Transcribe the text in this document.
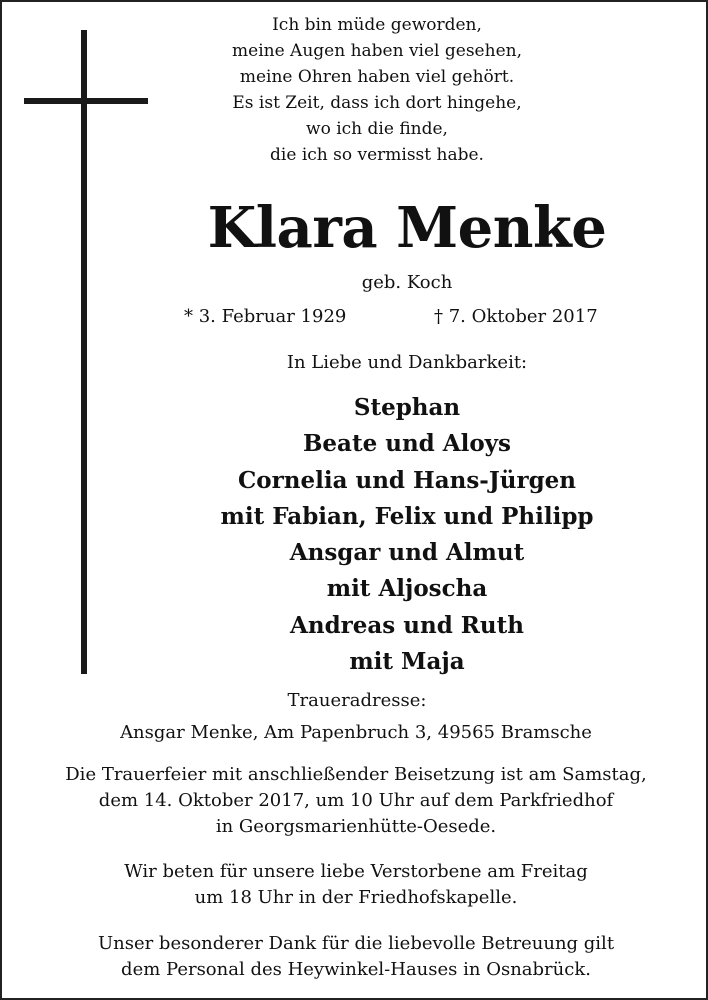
Ich bin müde geworden,
meine Augen haben viel gesehen,
meine Ohren haben viel gehört.
Es ist Zeit, dass ich dort hingehe,
wo ich die finde,
die ich so vermisst habe.
Klara Menke
geb. Koch
* 3. Februar 1929	† 7. Oktober 2017
In Liebe und Dankbarkeit:
Stephan
Beate und Aloys
Cornelia und Hans-Jürgen
mit Fabian, Felix und Philipp
Ansgar und Almut
mit Aljoscha
Andreas und Ruth
mit Maja
Traueradresse:
Ansgar Menke, Am Papenbruch 3, 49565 Bramsche
Die Trauerfeier mit anschließender Beisetzung ist am Samstag,
dem 14. Oktober 2017, um 10 Uhr auf dem Parkfriedhof
in Georgsmarienhütte-Oesede.
Wir beten für unsere liebe Verstorbene am Freitag
um 18 Uhr in der Friedhofskapelle.
Unser besonderer Dank für die liebevolle Betreuung gilt
dem Personal des Heywinkel-Hauses in Osnabrück.
